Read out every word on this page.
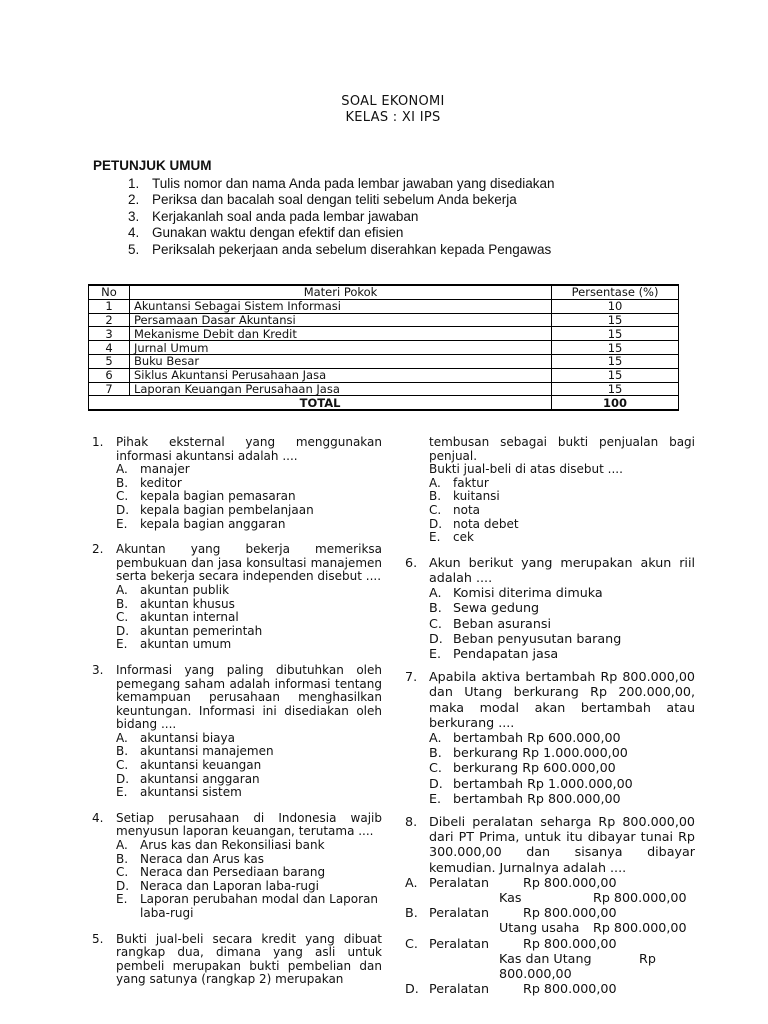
SOAL EKONOMI
KELAS : XI IPS
PETUNJUK UMUM
1. Tulis nomor dan nama Anda pada lembar jawaban yang disediakan
2. Periksa dan bacalah soal dengan teliti sebelum Anda bekerja
3. Kerjakanlah soal anda pada lembar jawaban
4. Gunakan waktu dengan efektif dan efisien
5. Periksalah pekerjaan anda sebelum diserahkan kepada Pengawas
No	Materi Pokok	Persentase (%)
1	Akuntansi Sebagai Sistem Informasi	10
2	Persamaan Dasar Akuntansi	15
3	Mekanisme Debit dan Kredit	15
4	Jurnal Umum	15
5	Buku Besar	15
6	Siklus Akuntansi Perusahaan Jasa	15
7	Laporan Keuangan Perusahaan Jasa	15
TOTAL		100
1. Pihak eksternal yang menggunakan informasi akuntansi adalah ....
A. manajer
B. keditor
C. kepala bagian pemasaran
D. kepala bagian pembelanjaan
E. kepala bagian anggaran
2. Akuntan yang bekerja memeriksa pembukuan dan jasa konsultasi manajemen serta bekerja secara independen disebut ....
A. akuntan publik
B. akuntan khusus
C. akuntan internal
D. akuntan pemerintah
E. akuntan umum
3. Informasi yang paling dibutuhkan oleh pemegang saham adalah informasi tentang kemampuan perusahaan menghasilkan keuntungan. Informasi ini disediakan oleh bidang ....
A. akuntansi biaya
B. akuntansi manajemen
C. akuntansi keuangan
D. akuntansi anggaran
E. akuntansi sistem
4. Setiap perusahaan di Indonesia wajib menyusun laporan keuangan, terutama ....
A. Arus kas dan Rekonsiliasi bank
B. Neraca dan Arus kas
C. Neraca dan Persediaan barang
D. Neraca dan Laporan laba-rugi
E. Laporan perubahan modal dan Laporan laba-rugi
5. Bukti jual-beli secara kredit yang dibuat rangkap dua, dimana yang asli untuk pembeli merupakan bukti pembelian dan yang satunya (rangkap 2) merupakan
tembusan sebagai bukti penjualan bagi penjual.
Bukti jual-beli di atas disebut ....
A. faktur
B. kuitansi
C. nota
D. nota debet
E. cek
6. Akun berikut yang merupakan akun riil adalah ....
A. Komisi diterima dimuka
B. Sewa gedung
C. Beban asuransi
D. Beban penyusutan barang
E. Pendapatan jasa
7. Apabila aktiva bertambah Rp 800.000,00 dan Utang berkurang Rp 200.000,00, maka modal akan bertambah atau berkurang ....
A. bertambah Rp 600.000,00
B. berkurang Rp 1.000.000,00
C. berkurang Rp 600.000,00
D. bertambah Rp 1.000.000,00
E. bertambah Rp 800.000,00
8. Dibeli peralatan seharga Rp 800.000,00 dari PT Prima, untuk itu dibayar tunai Rp 300.000,00 dan sisanya dibayar kemudian. Jurnalnya adalah ....
A. Peralatan	Rp 800.000,00
Kas	Rp 800.000,00
B. Peralatan	Rp 800.000,00
Utang usaha Rp 800.000,00
C. Peralatan	Rp 800.000,00
Kas dan Utang	Rp
800.000,00
D. Peralatan	Rp 800.000,00
